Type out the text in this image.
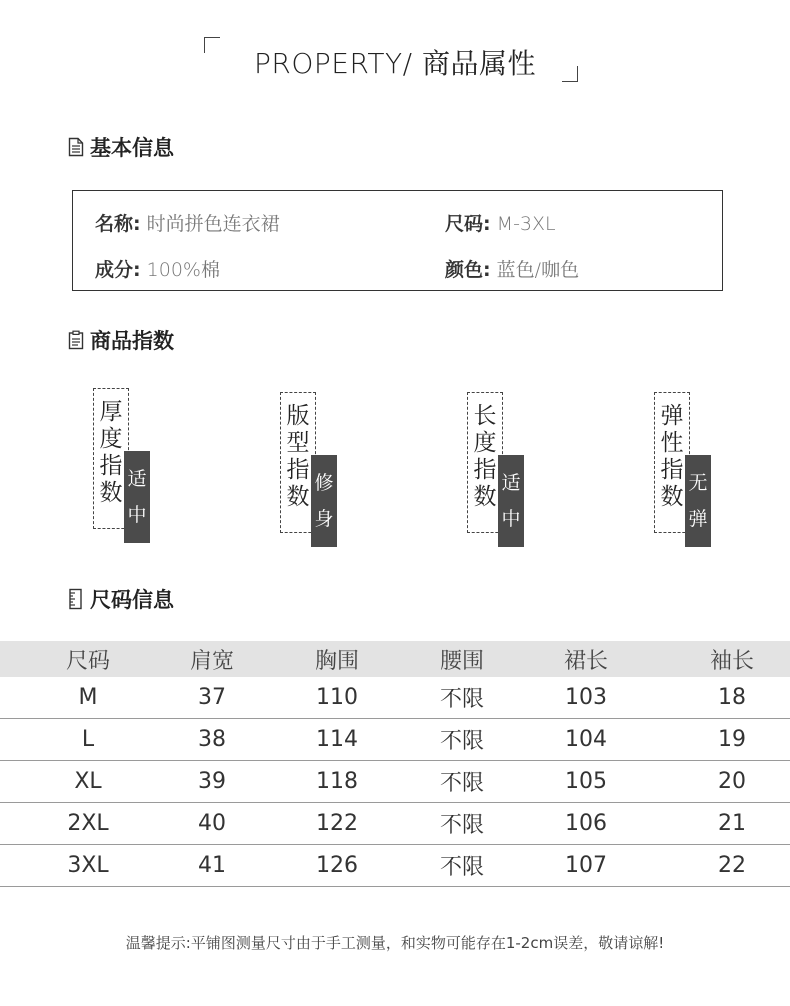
PROPERTY/ 商品属性
基本信息
名称: 时尚拼色连衣裙	尺码: M-3XL
成分: 100%棉	颜色: 蓝色/咖色
商品指数
厚
度
指
数
适
中
版
型
指
数
修
身
长
度
指
数
适
中
弹
性
指
数
无
弹
尺码信息
尺码	肩宽	胸围	腰围	裙长	袖长
M	37	110	不限	103	18
L	38	114	不限	104	19
XL	39	118	不限	105	20
2XL	40	122	不限	106	21
3XL	41	126	不限	107	22
温馨提示:平铺图测量尺寸由于手工测量，和实物可能存在1-2cm误差，敬请谅解!
